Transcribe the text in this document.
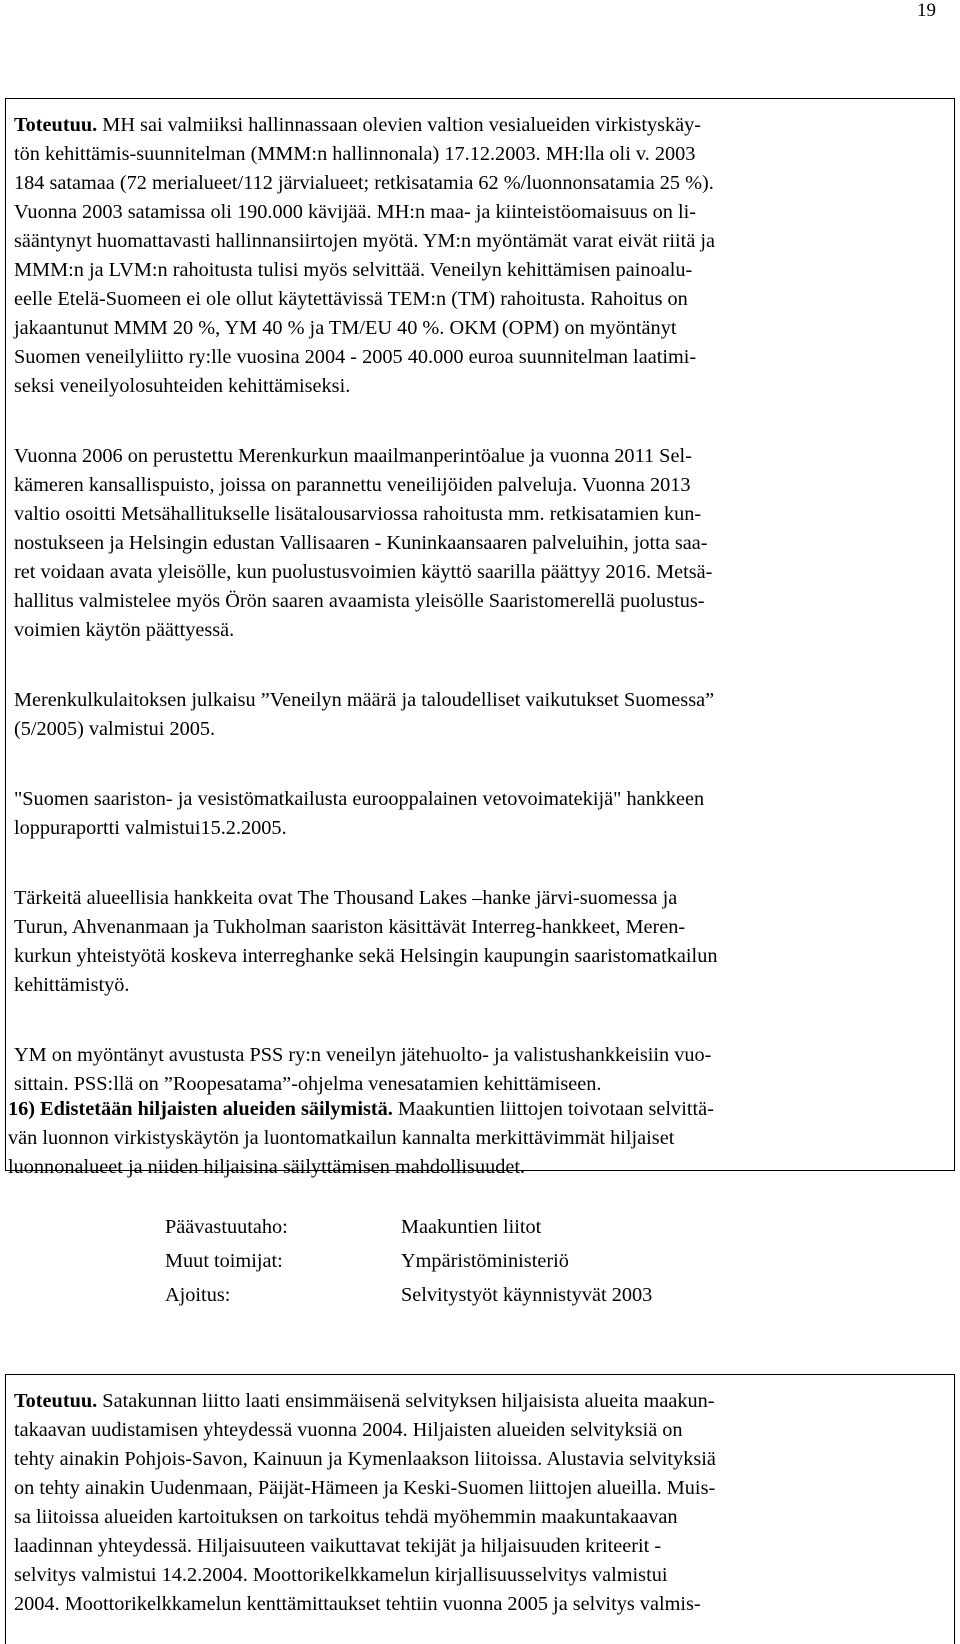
19
Toteutuu. MH sai valmiiksi hallinnassaan olevien valtion vesialueiden virkistyskäy-
tön kehittämis-suunnitelman (MMM:n hallinnonala) 17.12.2003. MH:lla oli v. 2003
184 satamaa (72 merialueet/112 järvialueet; retkisatamia 62 %/luonnonsatamia 25 %).
Vuonna 2003 satamissa oli 190.000 kävijää. MH:n maa- ja kiinteistöomaisuus on li-
sääntynyt huomattavasti hallinnansiirtojen myötä. YM:n myöntämät varat eivät riitä ja
MMM:n ja LVM:n rahoitusta tulisi myös selvittää. Veneilyn kehittämisen painoalu-
eelle Etelä-Suomeen ei ole ollut käytettävissä TEM:n (TM) rahoitusta. Rahoitus on
jakaantunut MMM 20 %, YM 40 % ja TM/EU 40 %. OKM (OPM) on myöntänyt
Suomen veneilyliitto ry:lle vuosina 2004 - 2005 40.000 euroa suunnitelman laatimi-
seksi veneilyolosuhteiden kehittämiseksi.
Vuonna 2006 on perustettu Merenkurkun maailmanperintöalue ja vuonna 2011 Sel-
kämeren kansallispuisto, joissa on parannettu veneilijöiden palveluja. Vuonna 2013
valtio osoitti Metsähallitukselle lisätalousarviossa rahoitusta mm. retkisatamien kun-
nostukseen ja Helsingin edustan Vallisaaren - Kuninkaansaaren palveluihin, jotta saa-
ret voidaan avata yleisölle, kun puolustusvoimien käyttö saarilla päättyy 2016. Metsä-
hallitus valmistelee myös Örön saaren avaamista yleisölle Saaristomerellä puolustus-
voimien käytön päättyessä.
Merenkulkulaitoksen julkaisu ”Veneilyn määrä ja taloudelliset vaikutukset Suomessa”
(5/2005) valmistui 2005.
"Suomen saariston- ja vesistömatkailusta eurooppalainen vetovoimatekijä" hankkeen
loppuraportti valmistui15.2.2005.
Tärkeitä alueellisia hankkeita ovat The Thousand Lakes –hanke järvi-suomessa ja
Turun, Ahvenanmaan ja Tukholman saariston käsittävät Interreg-hankkeet, Meren-
kurkun yhteistyötä koskeva interreghanke sekä Helsingin kaupungin saaristomatkailun
kehittämistyö.
YM on myöntänyt avustusta PSS ry:n veneilyn jätehuolto- ja valistushankkeisiin vuo-
sittain. PSS:llä on ”Roopesatama”-ohjelma venesatamien kehittämiseen.
16) Edistetään hiljaisten alueiden säilymistä. Maakuntien liittojen toivotaan selvittä-
vän luonnon virkistyskäytön ja luontomatkailun kannalta merkittävimmät hiljaiset
luonnonalueet ja niiden hiljaisina säilyttämisen mahdollisuudet.
Päävastuutaho:	Maakuntien liitot
Muut toimijat:	Ympäristöministeriö
Ajoitus:	Selvitystyöt käynnistyvät 2003
Toteutuu. Satakunnan liitto laati ensimmäisenä selvityksen hiljaisista alueita maakun-
takaavan uudistamisen yhteydessä vuonna 2004. Hiljaisten alueiden selvityksiä on
tehty ainakin Pohjois-Savon, Kainuun ja Kymenlaakson liitoissa. Alustavia selvityksiä
on tehty ainakin Uudenmaan, Päijät-Hämeen ja Keski-Suomen liittojen alueilla. Muis-
sa liitoissa alueiden kartoituksen on tarkoitus tehdä myöhemmin maakuntakaavan
laadinnan yhteydessä. Hiljaisuuteen vaikuttavat tekijät ja hiljaisuuden kriteerit -
selvitys valmistui 14.2.2004. Moottorikelkkamelun kirjallisuusselvitys valmistui
2004. Moottorikelkkamelun kenttämittaukset tehtiin vuonna 2005 ja selvitys valmis-
